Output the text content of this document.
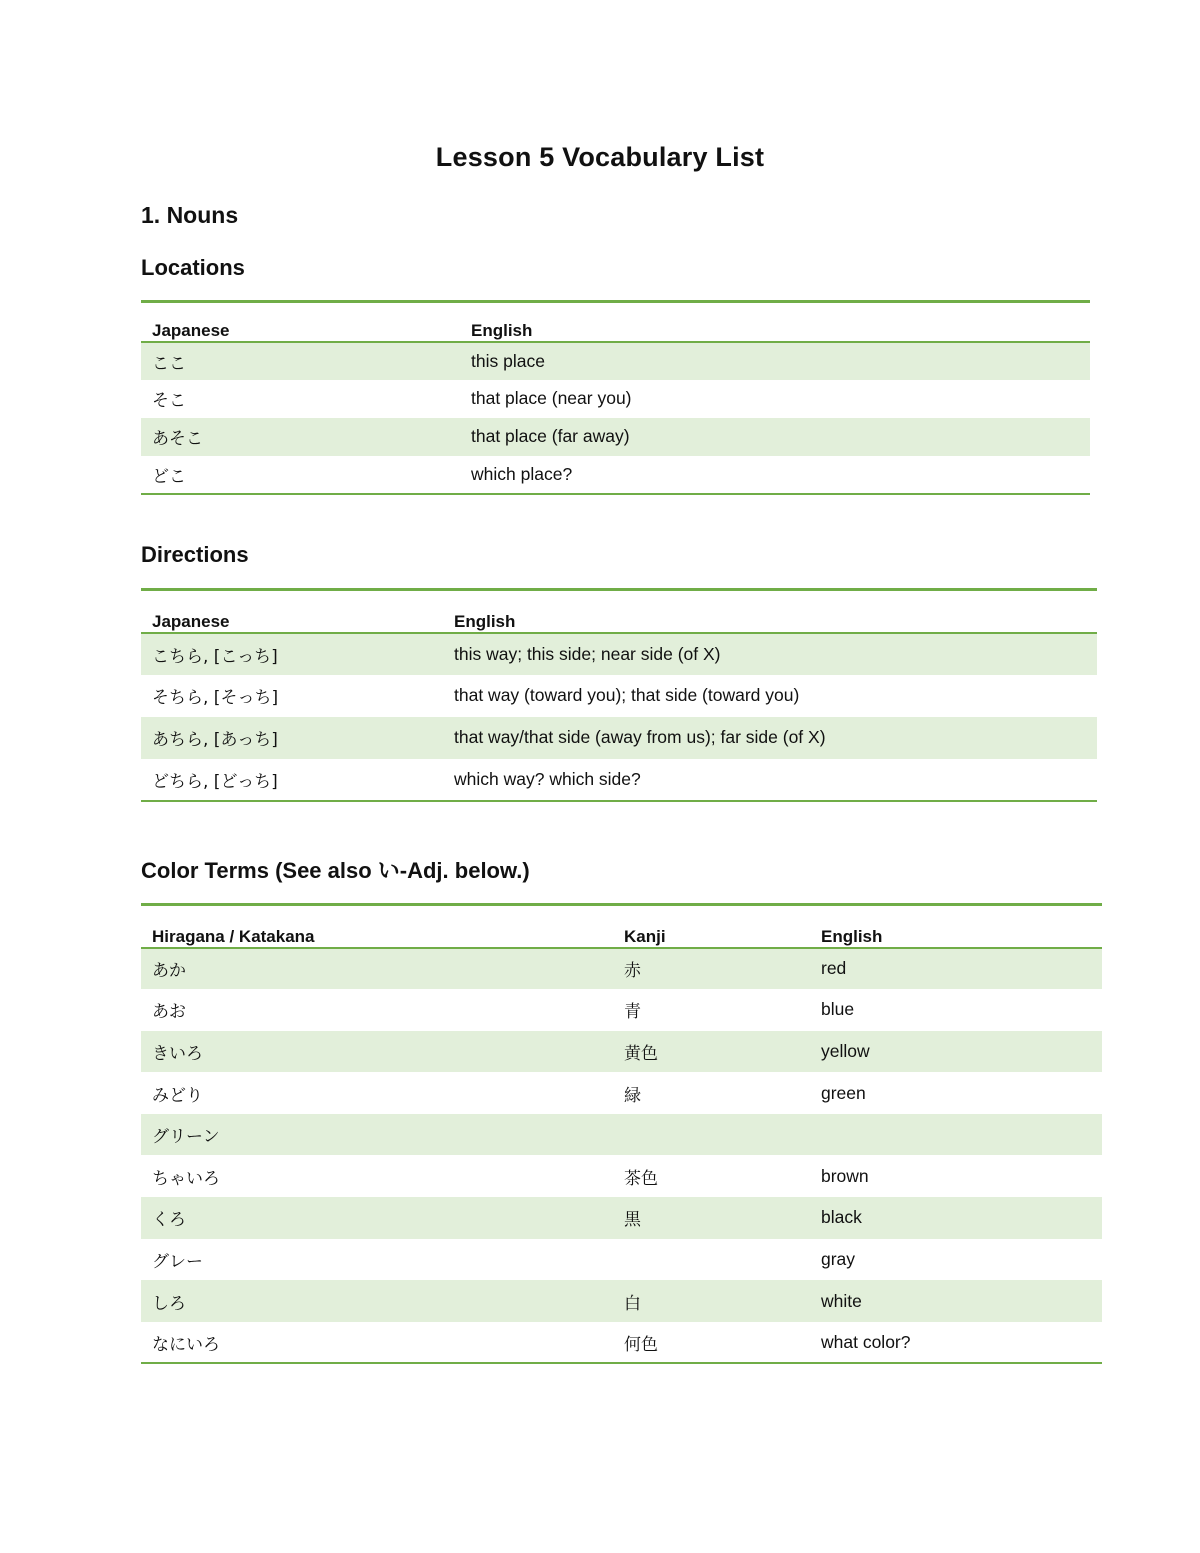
Lesson 5 Vocabulary List
1. Nouns
Locations
Japanese	English
ここ	this place
そこ	that place (near you)
あそこ	that place (far away)
どこ	which place?
Directions
Japanese	English
こちら, [こっち]	this way; this side; near side (of X)
そちら, [そっち]	that way (toward you); that side (toward you)
あちら, [あっち]	that way/that side (away from us); far side (of X)
どちら, [どっち]	which way? which side?
Color Terms (See also い-Adj. below.)
Hiragana / Katakana	Kanji	English
あか	赤	red
あお	青	blue
きいろ	黄色	yellow
みどり	緑	green
グリーン		
ちゃいろ	茶色	brown
くろ	黒	black
グレー		gray
しろ	白	white
なにいろ	何色	what color?
